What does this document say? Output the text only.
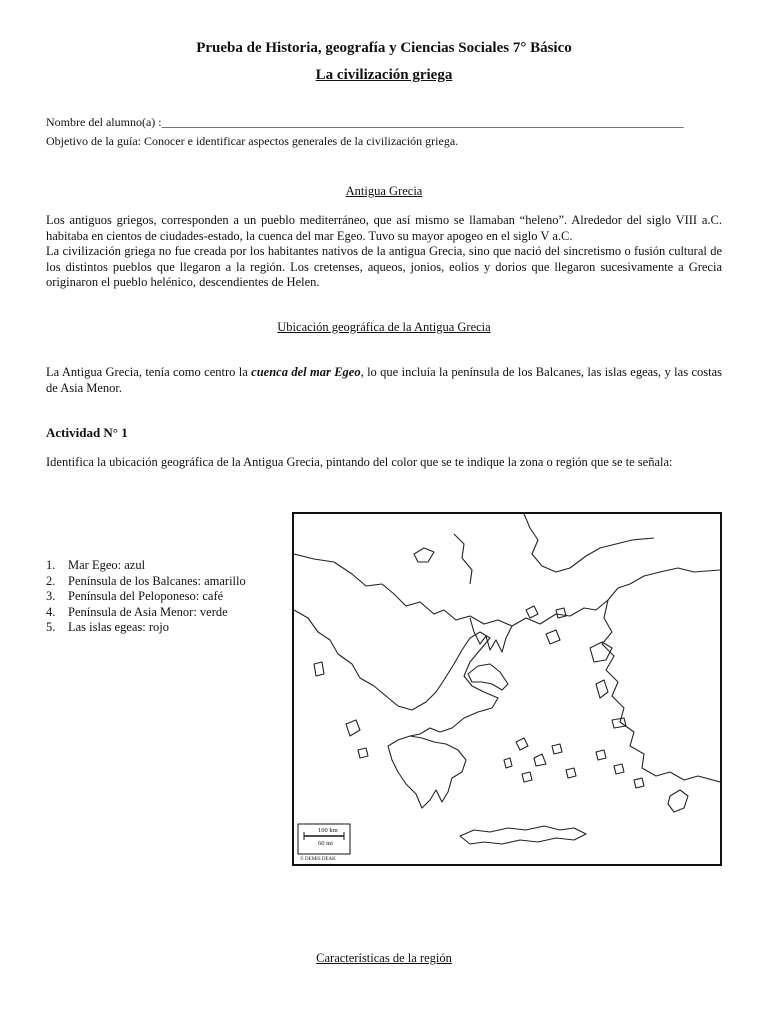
Prueba de Historia, geografía y Ciencias Sociales 7° Básico
La civilización griega
Nombre del alumno(a) :_______________________________________________________________________________________
Objetivo de la guía: Conocer e identificar aspectos generales de la civilización griega.
Antigua Grecia

Los antiguos griegos, corresponden a un pueblo mediterráneo, que así mismo se llamaban “heleno”. Alrededor del siglo VIII a.C. habitaba en cientos de ciudades-estado, la cuenca del mar Egeo. Tuvo su mayor apogeo en el siglo V a.C.

La civilización griega no fue creada por los habitantes nativos de la antigua Grecia, sino que nació del sincretismo o fusión cultural de los distintos pueblos que llegaron a la región. Los cretenses, aqueos, jonios, eolios y dorios que llegaron sucesivamente a Grecia originaron el pueblo helénico, descendientes de Helen.

Ubicación geográfica de la Antigua Grecia

La Antigua Grecia, tenía como centro la cuenca del mar Egeo, lo que incluía la península de los Balcanes, las islas egeas, y las costas de Asia Menor.

Actividad N° 1

Identifica la ubicación geográfica de la Antigua Grecia, pintando del color que se te indique la zona o región que se te señala:

1. Mar Egeo: azul
2. Península de los Balcanes: amarillo
3. Península del Peloponeso: café
4. Península de Asia Menor: verde
5. Las islas egeas: rojo
100 km
60 mi
© DEMIS DEAK
Características de la región
